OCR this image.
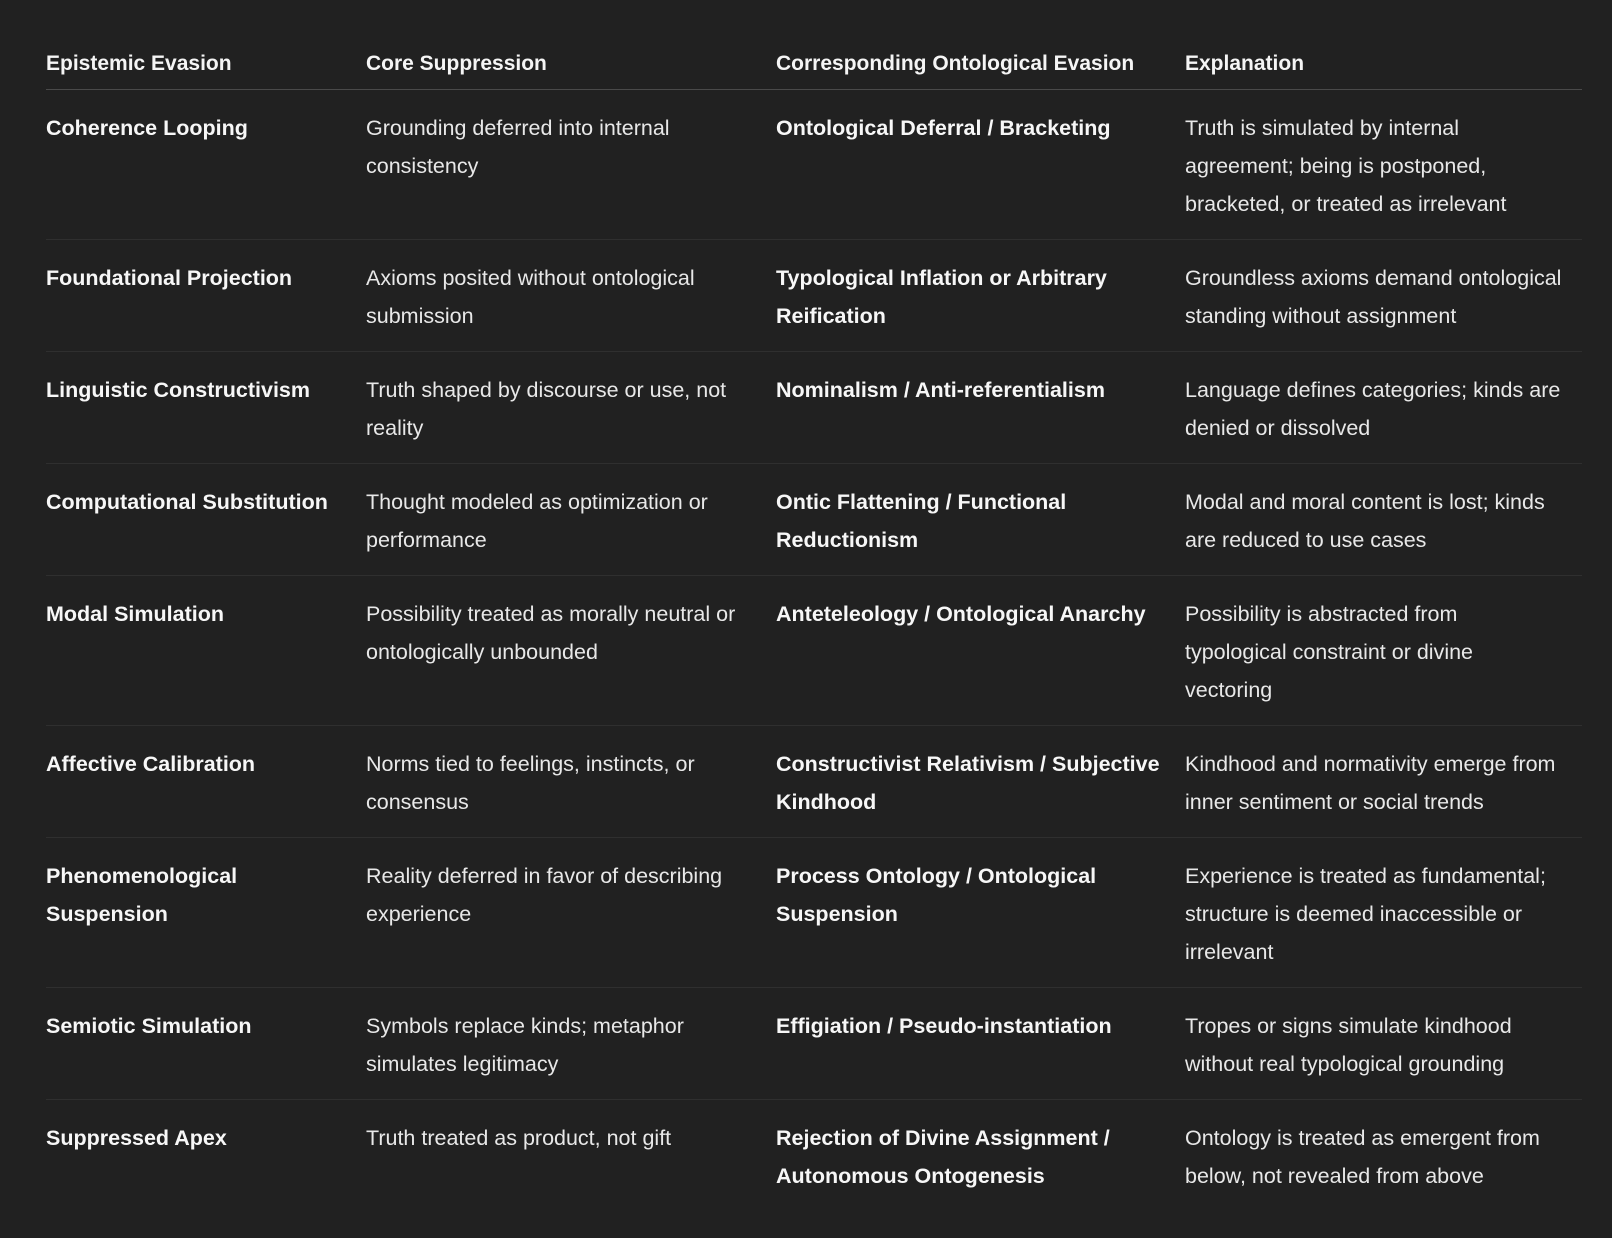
Epistemic Evasion	Core Suppression	Corresponding Ontological Evasion	Explanation
Coherence Looping	Grounding deferred into internal consistency	Ontological Deferral / Bracketing	Truth is simulated by internal agreement; being is postponed, bracketed, or treated as irrelevant
Foundational Projection	Axioms posited without ontological submission	Typological Inflation or Arbitrary Reification	Groundless axioms demand ontological standing without assignment
Linguistic Constructivism	Truth shaped by discourse or use, not reality	Nominalism / Anti-referentialism	Language defines categories; kinds are denied or dissolved
Computational Substitution	Thought modeled as optimization or performance	Ontic Flattening / Functional Reductionism	Modal and moral content is lost; kinds are reduced to use cases
Modal Simulation	Possibility treated as morally neutral or ontologically unbounded	Anteteleology / Ontological Anarchy	Possibility is abstracted from typological constraint or divine vectoring
Affective Calibration	Norms tied to feelings, instincts, or consensus	Constructivist Relativism / Subjective Kindhood	Kindhood and normativity emerge from inner sentiment or social trends
Phenomenological Suspension	Reality deferred in favor of describing experience	Process Ontology / Ontological Suspension	Experience is treated as fundamental; structure is deemed inaccessible or irrelevant
Semiotic Simulation	Symbols replace kinds; metaphor simulates legitimacy	Effigiation / Pseudo-instantiation	Tropes or signs simulate kindhood without real typological grounding
Suppressed Apex	Truth treated as product, not gift	Rejection of Divine Assignment / Autonomous Ontogenesis	Ontology is treated as emergent from below, not revealed from above
